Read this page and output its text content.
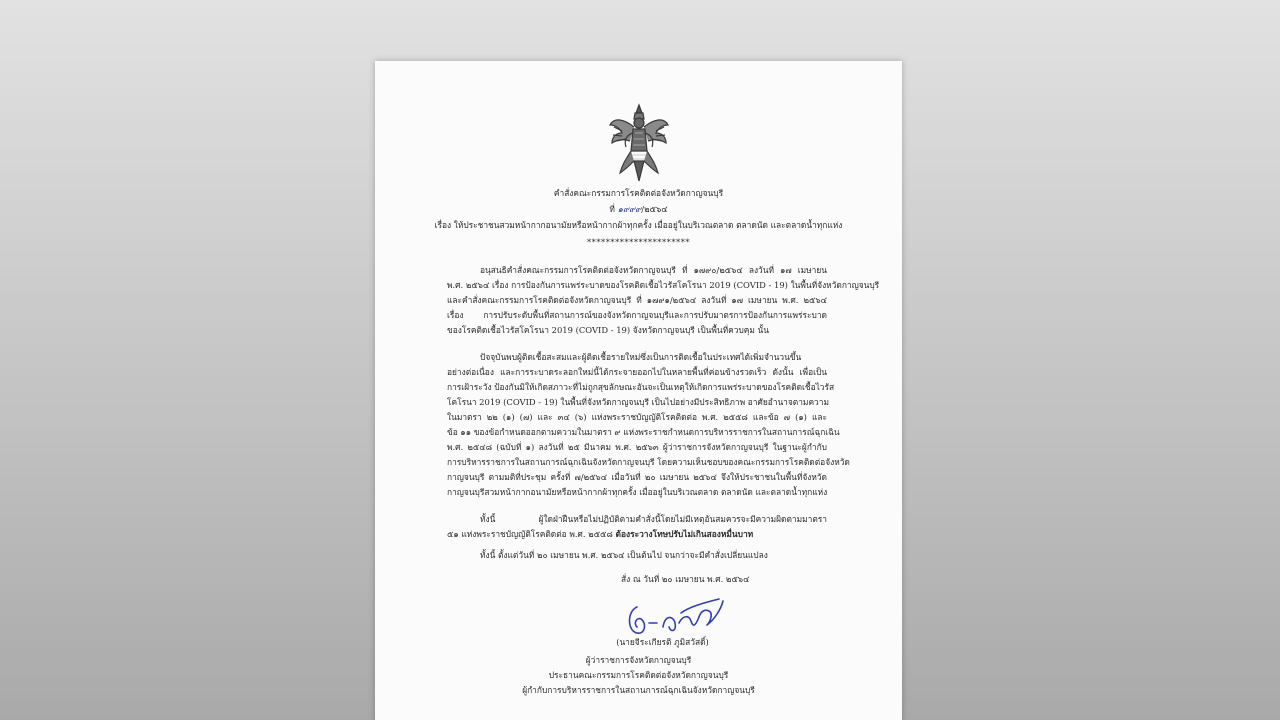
คำสั่งคณะกรรมการโรคติดต่อจังหวัดกาญจนบุรี
ที่ ๑๙๙๙/๒๕๖๔
เรื่อง ให้ประชาชนสวมหน้ากากอนามัยหรือหน้ากากผ้าทุกครั้ง เมื่ออยู่ในบริเวณตลาด ตลาดนัด และตลาดน้ำทุกแห่ง
**********************
อนุสนธิคำสั่งคณะกรรมการโรคติดต่อจังหวัดกาญจนบุรี ที่ ๑๗๙๐/๒๕๖๔ ลงวันที่ ๑๗ เมษายน
พ.ศ. ๒๕๖๔ เรื่อง การป้องกันการแพร่ระบาดของโรคติดเชื้อไวรัสโคโรนา 2019 (COVID - 19) ในพื้นที่จังหวัดกาญจนบุรี
และคำสั่งคณะกรรมการโรคติดต่อจังหวัดกาญจนบุรี ที่ ๑๗๙๑/๒๕๖๔ ลงวันที่ ๑๗ เมษายน พ.ศ. ๒๕๖๔
เรื่อง การปรับระดับพื้นที่สถานการณ์ของจังหวัดกาญจนบุรีและการปรับมาตรการป้องกันการแพร่ระบาด
ของโรคติดเชื้อไวรัสโคโรนา 2019 (COVID - 19) จังหวัดกาญจนบุรี เป็นพื้นที่ควบคุม นั้น
ปัจจุบันพบผู้ติดเชื้อสะสมและผู้ติดเชื้อรายใหม่ซึ่งเป็นการติดเชื้อในประเทศได้เพิ่มจำนวนขึ้น
อย่างต่อเนื่อง และการระบาดระลอกใหม่นี้ได้กระจายออกไปในหลายพื้นที่ค่อนข้างรวดเร็ว ดังนั้น เพื่อเป็น
การเฝ้าระวัง ป้องกันมิให้เกิดสภาวะที่ไม่ถูกสุขลักษณะอันจะเป็นเหตุให้เกิดการแพร่ระบาดของโรคติดเชื้อไวรัส
โคโรนา 2019 (COVID - 19) ในพื้นที่จังหวัดกาญจนบุรี เป็นไปอย่างมีประสิทธิภาพ อาศัยอำนาจตามความ
ในมาตรา ๒๒ (๑) (๗) และ ๓๔ (๖) แห่งพระราชบัญญัติโรคติดต่อ พ.ศ. ๒๕๕๘ และข้อ ๗ (๑) และ
ข้อ ๑๑ ของข้อกำหนดออกตามความในมาตรา ๙ แห่งพระราชกำหนดการบริหารราชการในสถานการณ์ฉุกเฉิน
พ.ศ. ๒๕๔๘ (ฉบับที่ ๑) ลงวันที่ ๒๕ มีนาคม พ.ศ. ๒๕๖๓ ผู้ว่าราชการจังหวัดกาญจนบุรี ในฐานะผู้กำกับ
การบริหารราชการในสถานการณ์ฉุกเฉินจังหวัดกาญจนบุรี โดยความเห็นชอบของคณะกรรมการโรคติดต่อจังหวัด
กาญจนบุรี ตามมติที่ประชุม ครั้งที่ ๗/๒๕๖๔ เมื่อวันที่ ๒๐ เมษายน ๒๕๖๔ จึงให้ประชาชนในพื้นที่จังหวัด
กาญจนบุรีสวมหน้ากากอนามัยหรือหน้ากากผ้าทุกครั้ง เมื่ออยู่ในบริเวณตลาด ตลาดนัด และตลาดน้ำทุกแห่ง
ทั้งนี้ ผู้ใดฝ่าฝืนหรือไม่ปฏิบัติตามคำสั่งนี้โดยไม่มีเหตุอันสมควรจะมีความผิดตามมาตรา
๕๑ แห่งพระราชบัญญัติโรคติดต่อ พ.ศ. ๒๕๕๘ ต้องระวางโทษปรับไม่เกินสองหมื่นบาท
ทั้งนี้ ตั้งแต่วันที่ ๒๐ เมษายน พ.ศ. ๒๕๖๔ เป็นต้นไป จนกว่าจะมีคำสั่งเปลี่ยนแปลง
สั่ง ณ วันที่ ๒๐ เมษายน พ.ศ. ๒๕๖๔
(นายจีระเกียรติ ภูมิสวัสดิ์)
ผู้ว่าราชการจังหวัดกาญจนบุรี
ประธานคณะกรรมการโรคติดต่อจังหวัดกาญจนบุรี
ผู้กำกับการบริหารราชการในสถานการณ์ฉุกเฉินจังหวัดกาญจนบุรี
